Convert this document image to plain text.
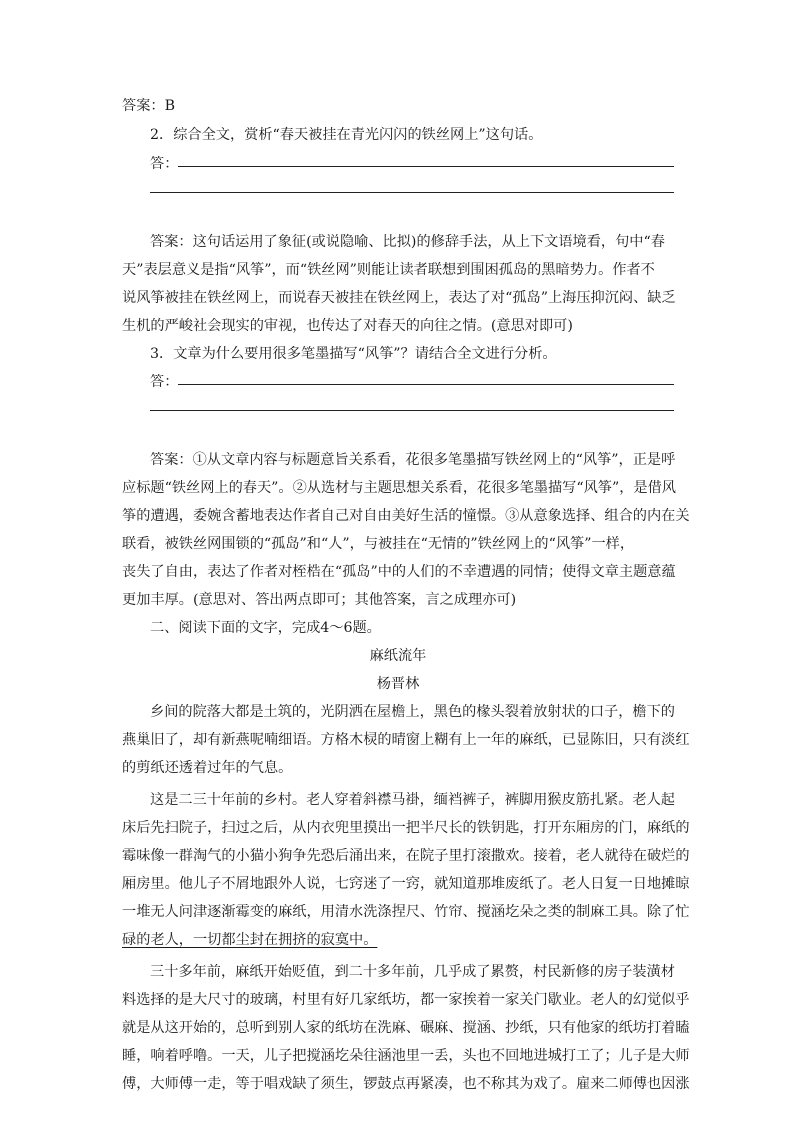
答案：B
2．综合全文，赏析“春天被挂在青光闪闪的铁丝网上”这句话。
答：
答案：这句话运用了象征(或说隐喻、比拟)的修辞手法，从上下文语境看，句中“春
天”表层意义是指“风筝”，而“铁丝网”则能让读者联想到围困孤岛的黑暗势力。作者不
说风筝被挂在铁丝网上，而说春天被挂在铁丝网上，表达了对“孤岛”上海压抑沉闷、缺乏
生机的严峻社会现实的审视，也传达了对春天的向往之情。(意思对即可)
3．文章为什么要用很多笔墨描写“风筝”？请结合全文进行分析。
答：
答案：①从文章内容与标题意旨关系看，花很多笔墨描写铁丝网上的“风筝”，正是呼
应标题“铁丝网上的春天”。②从选材与主题思想关系看，花很多笔墨描写“风筝”，是借风
筝的遭遇，委婉含蓄地表达作者自己对自由美好生活的憧憬。③从意象选择、组合的内在关
联看，被铁丝网围锁的“孤岛”和“人”，与被挂在“无情的”铁丝网上的“风筝”一样，
丧失了自由，表达了作者对桎梏在“孤岛”中的人们的不幸遭遇的同情；使得文章主题意蕴
更加丰厚。(意思对、答出两点即可；其他答案，言之成理亦可)
二、阅读下面的文字，完成4～6题。
麻纸流年
杨晋林
乡间的院落大都是土筑的，光阴洒在屋檐上，黑色的椽头裂着放射状的口子，檐下的
燕巢旧了，却有新燕呢喃细语。方格木棂的晴窗上糊有上一年的麻纸，已显陈旧，只有淡红
的剪纸还透着过年的气息。
这是二三十年前的乡村。老人穿着斜襟马褂，缅裆裤子，裤脚用猴皮筋扎紧。老人起
床后先扫院子，扫过之后，从内衣兜里摸出一把半尺长的铁钥匙，打开东厢房的门，麻纸的
霉味像一群淘气的小猫小狗争先恐后涌出来，在院子里打滚撒欢。接着，老人就待在破烂的
厢房里。他儿子不屑地跟外人说，七窍迷了一窍，就知道那堆废纸了。老人日复一日地摊晾
一堆无人问津逐渐霉变的麻纸，用清水洗涤捏尺、竹帘、搅涵圪朵之类的制麻工具。除了忙
碌的老人，一切都尘封在拥挤的寂寞中。
三十多年前，麻纸开始贬值，到二十多年前，几乎成了累赘，村民新修的房子装潢材
料选择的是大尺寸的玻璃，村里有好几家纸坊，都一家挨着一家关门歇业。老人的幻觉似乎
就是从这开始的，总听到别人家的纸坊在洗麻、碾麻、搅涵、抄纸，只有他家的纸坊打着瞌
睡，响着呼噜。一天，儿子把搅涵圪朵往涵池里一丢，头也不回地进城打工了；儿子是大师
傅，大师傅一走，等于唱戏缺了须生，锣鼓点再紧凑，也不称其为戏了。雇来二师傅也因涨
